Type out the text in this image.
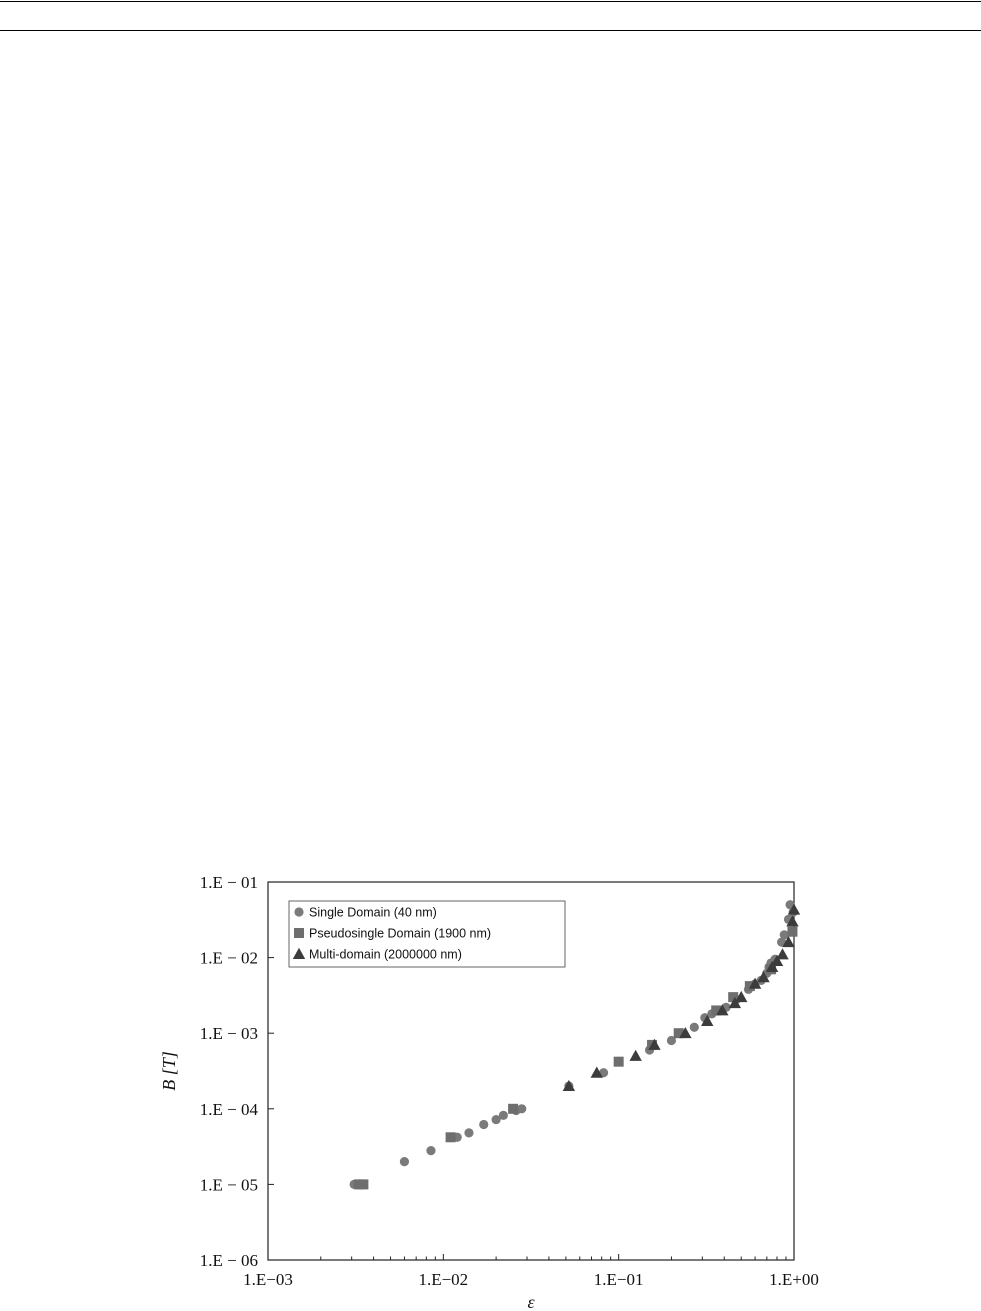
1.E−03	1.E−02	1.E−01	1.E+00
1.E − 01
1.E − 02
1.E − 03
1.E − 04
1.E − 05
1.E − 06
ε
B [T]
Single Domain (40 nm)
Pseudosingle Domain (1900 nm)
Multi-domain (2000000 nm)
